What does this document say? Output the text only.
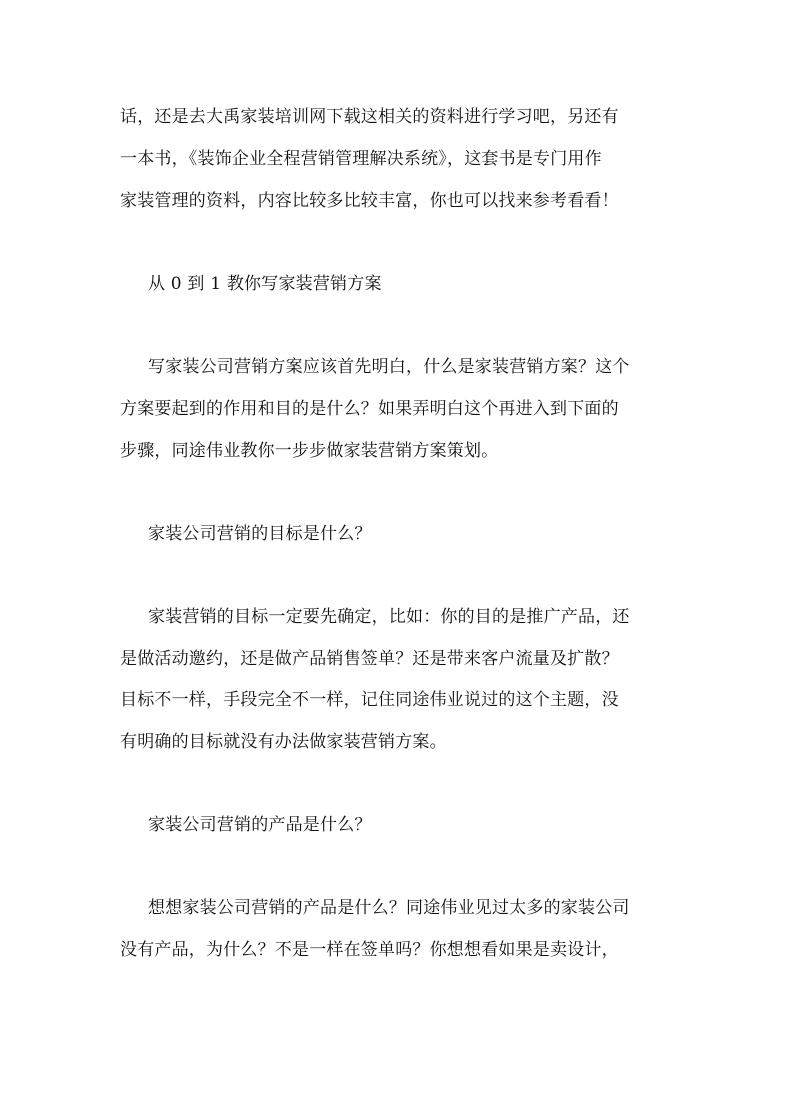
话，还是去大禹家装培训网下载这相关的资料进行学习吧，另还有
一本书，《装饰企业全程营销管理解决系统》，这套书是专门用作
家装管理的资料，内容比较多比较丰富，你也可以找来参考看看！
从 0 到 1 教你写家装营销方案
写家装公司营销方案应该首先明白，什么是家装营销方案？这个
方案要起到的作用和目的是什么？如果弄明白这个再进入到下面的
步骤，同途伟业教你一步步做家装营销方案策划。
家装公司营销的目标是什么？
家装营销的目标一定要先确定，比如：你的目的是推广产品，还
是做活动邀约，还是做产品销售签单？还是带来客户流量及扩散？
目标不一样，手段完全不一样，记住同途伟业说过的这个主题，没
有明确的目标就没有办法做家装营销方案。
家装公司营销的产品是什么？
想想家装公司营销的产品是什么？同途伟业见过太多的家装公司
没有产品，为什么？不是一样在签单吗？你想想看如果是卖设计，
